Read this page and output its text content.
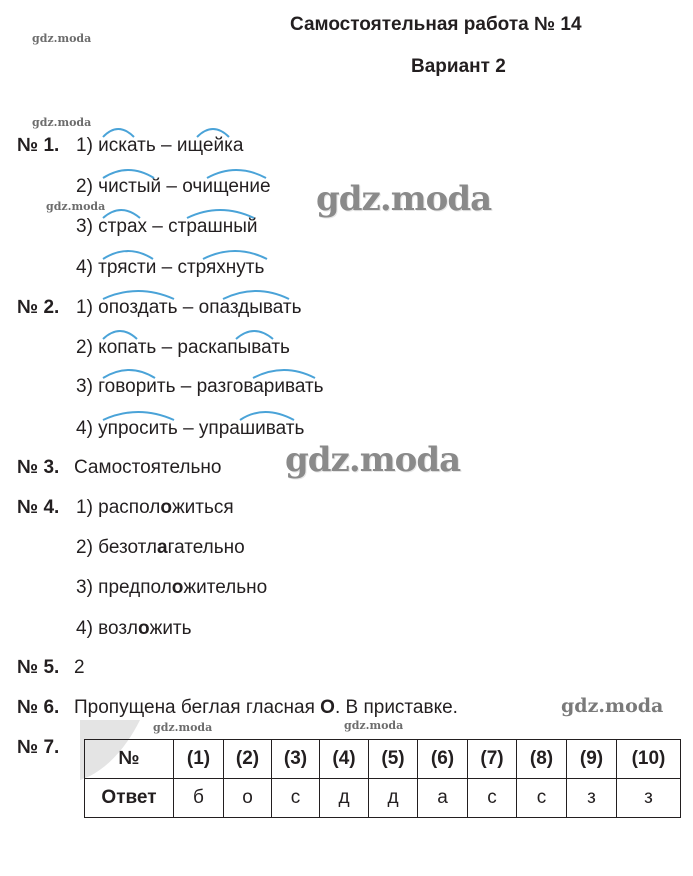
Самостоятельная работа № 14
Вариант 2
gdz.moda
gdz.moda
gdz.moda
gdz.moda	gdz.moda
gdz.moda
gdz.moda
gdz.moda
№ 1. 1) искать – ищейка
2) чистый – очищение
3) страх – страшный
4) трясти – стряхнуть
№ 2. 1) опоздать – опаздывать
2) копать – раскапывать
3) говорить – разговаривать
4) упросить – упрашивать
№ 3. Самостоятельно
№ 4. 1) расположиться
2) безотлагательно
3) предположительно
4) возложить
№ 5. 2
№ 6. Пропущена беглая гласная О. В приставке.
№ 7.
№	(1)	(2)	(3)	(4)	(5)	(6)	(7)	(8)	(9)	(10)
Ответ	б	о	с	д	д	а	с	с	з	з
